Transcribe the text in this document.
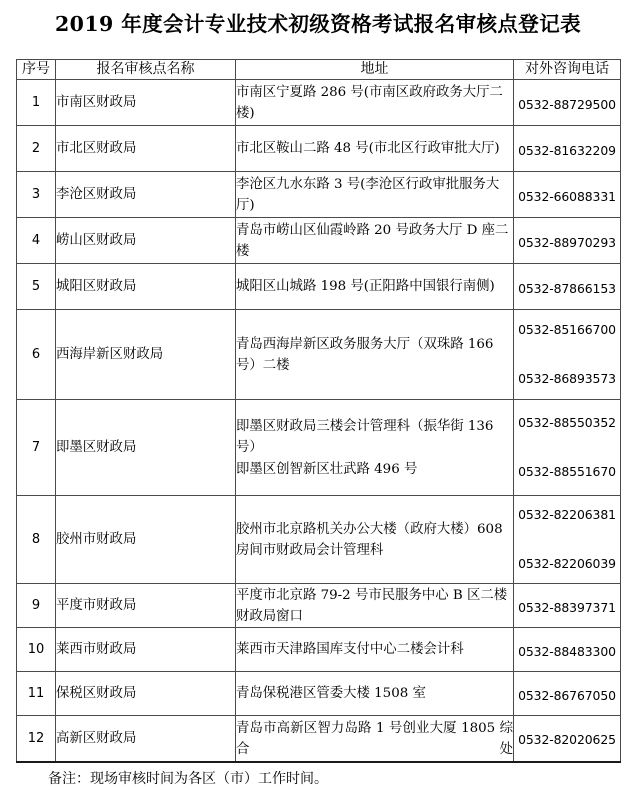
2019 年度会计专业技术初级资格考试报名审核点登记表
序号	报名审核点名称	地址	对外咨询电话
1	市南区财政局	市南区宁夏路 286 号(市南区政府政务大厅二楼)	0532-88729500

2	市北区财政局	市北区鞍山二路 48 号(市北区行政审批大厅)	0532-81632209

3	李沧区财政局	李沧区九水东路 3 号(李沧区行政审批服务大厅)	0532-66088331

4	崂山区财政局	青岛市崂山区仙霞岭路 20 号政务大厅 D 座二楼	0532-88970293

5	城阳区财政局	城阳区山城路 198 号(正阳路中国银行南侧)	0532-87866153

6	西海岸新区财政局	青岛西海岸新区政务服务大厅（双珠路 166 号）二楼	0532-85166700
0532-86893573

7	即墨区财政局	即墨区财政局三楼会计管理科（振华街 136 号）
即墨区创智新区壮武路 496 号	0532-88550352
0532-88551670

8	胶州市财政局	胶州市北京路机关办公大楼（政府大楼）608 房间市财政局会计管理科	0532-82206381
0532-82206039

9	平度市财政局	平度市北京路 79-2 号市民服务中心 B 区二楼财政局窗口	0532-88397371

10	莱西市财政局	莱西市天津路国库支付中心二楼会计科	0532-88483300

11	保税区财政局	青岛保税港区管委大楼 1508 室	0532-86767050

12	高新区财政局	青岛市高新区智力岛路 1 号创业大厦 1805 综合处	0532-82020625
备注：现场审核时间为各区（市）工作时间。
